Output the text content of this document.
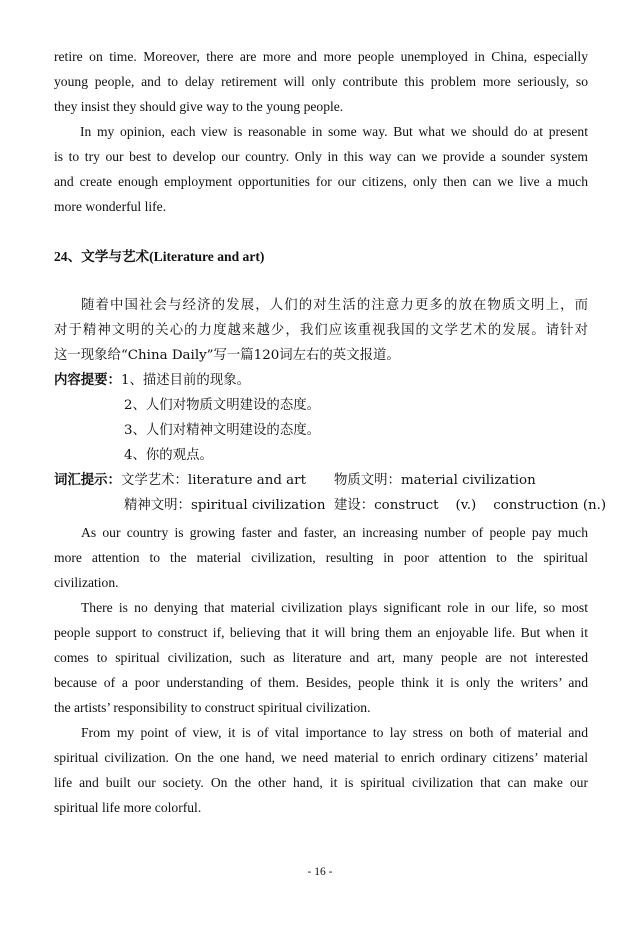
retire on time. Moreover, there are more and more people unemployed in China, especially
young people, and to delay retirement will only contribute this problem more seriously, so
they insist they should give way to the young people.
In my opinion, each view is reasonable in some way. But what we should do at present
is to try our best to develop our country. Only in this way can we provide a sounder system
and create enough employment opportunities for our citizens, only then can we live a much
more wonderful life.
24、文学与艺术(Literature and art)
随着中国社会与经济的发展，人们的对生活的注意力更多的放在物质文明上，而
对于精神文明的关心的力度越来越少，我们应该重视我国的文学艺术的发展。请针对
这一现象给“China Daily”写一篇120词左右的英文报道。
内容提要：1、描述目前的现象。
2、人们对物质文明建设的态度。
3、人们对精神文明建设的态度。
4、你的观点。
词汇提示：文学艺术：literature and art 物质文明：material civilization
精神文明：spiritual civilization 建设：construct    (v.)    construction (n.)
As our country is growing faster and faster, an increasing number of people pay much
more attention to the material civilization, resulting in poor attention to the spiritual
civilization.
There is no denying that material civilization plays significant role in our life, so most
people support to construct if, believing that it will bring them an enjoyable life. But when it
comes to spiritual civilization, such as literature and art, many people are not interested
because of a poor understanding of them. Besides, people think it is only the writers’ and
the artists’ responsibility to construct spiritual civilization.
From my point of view, it is of vital importance to lay stress on both of material and
spiritual civilization. On the one hand, we need material to enrich ordinary citizens’ material
life and built our society. On the other hand, it is spiritual civilization that can make our
spiritual life more colorful.
- 16 -
